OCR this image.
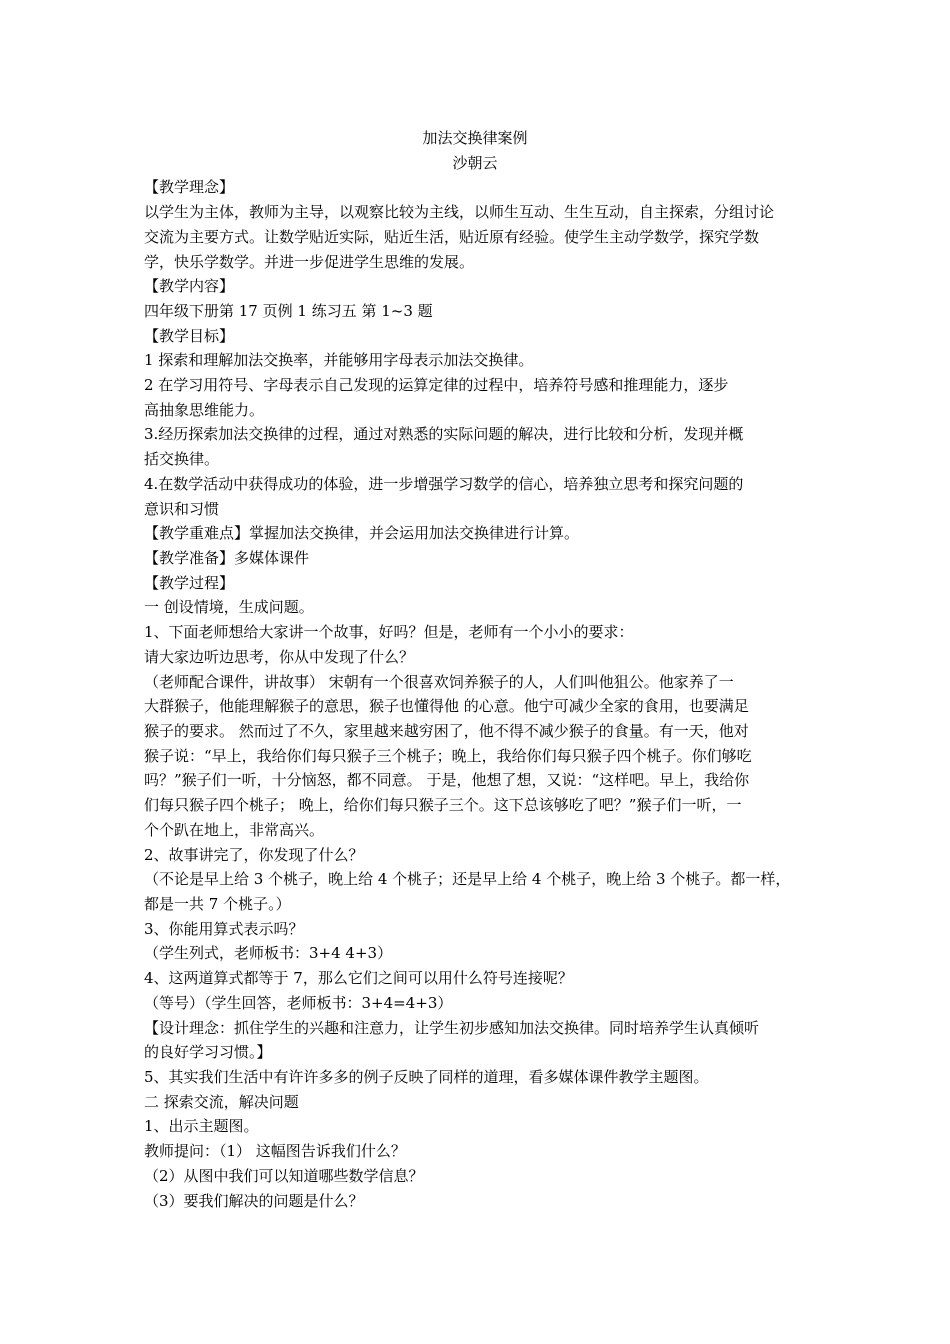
加法交换律案例
沙朝云
【教学理念】
以学生为主体，教师为主导，以观察比较为主线，以师生互动、生生互动，自主探索，分组讨论
交流为主要方式。让数学贴近实际，贴近生活，贴近原有经验。使学生主动学数学，探究学数
学，快乐学数学。并进一步促进学生思维的发展。
【教学内容】
四年级下册第 17 页例 1 练习五 第 1~3 题
【教学目标】
1 探索和理解加法交换率，并能够用字母表示加法交换律。
2 在学习用符号、字母表示自己发现的运算定律的过程中，培养符号感和推理能力，逐步
高抽象思维能力。
3.经历探索加法交换律的过程，通过对熟悉的实际问题的解决，进行比较和分析，发现并概
括交换律。
4.在数学活动中获得成功的体验，进一步增强学习数学的信心，培养独立思考和探究问题的
意识和习惯
【教学重难点】掌握加法交换律，并会运用加法交换律进行计算。
【教学准备】多媒体课件
【教学过程】
一 创设情境，生成问题。
1、下面老师想给大家讲一个故事，好吗？但是，老师有一个小小的要求：
请大家边听边思考，你从中发现了什么？
（老师配合课件，讲故事） 宋朝有一个很喜欢饲养猴子的人，人们叫他狙公。他家养了一
大群猴子，他能理解猴子的意思，猴子也懂得他 的心意。他宁可减少全家的食用，也要满足
猴子的要求。 然而过了不久，家里越来越穷困了，他不得不减少猴子的食量。有一天，他对
猴子说：“早上，我给你们每只猴子三个桃子；晚上，我给你们每只猴子四个桃子。你们够吃
吗？”猴子们一听，十分恼怒，都不同意。 于是，他想了想，又说：“这样吧。早上，我给你
们每只猴子四个桃子； 晚上，给你们每只猴子三个。这下总该够吃了吧？”猴子们一听，一
个个趴在地上，非常高兴。
2、故事讲完了，你发现了什么？
（不论是早上给 3 个桃子，晚上给 4 个桃子；还是早上给 4 个桃子，晚上给 3 个桃子。都一样，
都是一共 7 个桃子。）
3、你能用算式表示吗？
（学生列式，老师板书：3+4 4+3）
4、这两道算式都等于 7，那么它们之间可以用什么符号连接呢？
（等号）（学生回答，老师板书：3+4=4+3）
【设计理念：抓住学生的兴趣和注意力，让学生初步感知加法交换律。同时培养学生认真倾听
的良好学习习惯。】
5、其实我们生活中有许许多多的例子反映了同样的道理，看多媒体课件教学主题图。
二 探索交流，解决问题
1、出示主题图。
教师提问：（1） 这幅图告诉我们什么？
（2）从图中我们可以知道哪些数学信息？
（3）要我们解决的问题是什么？
